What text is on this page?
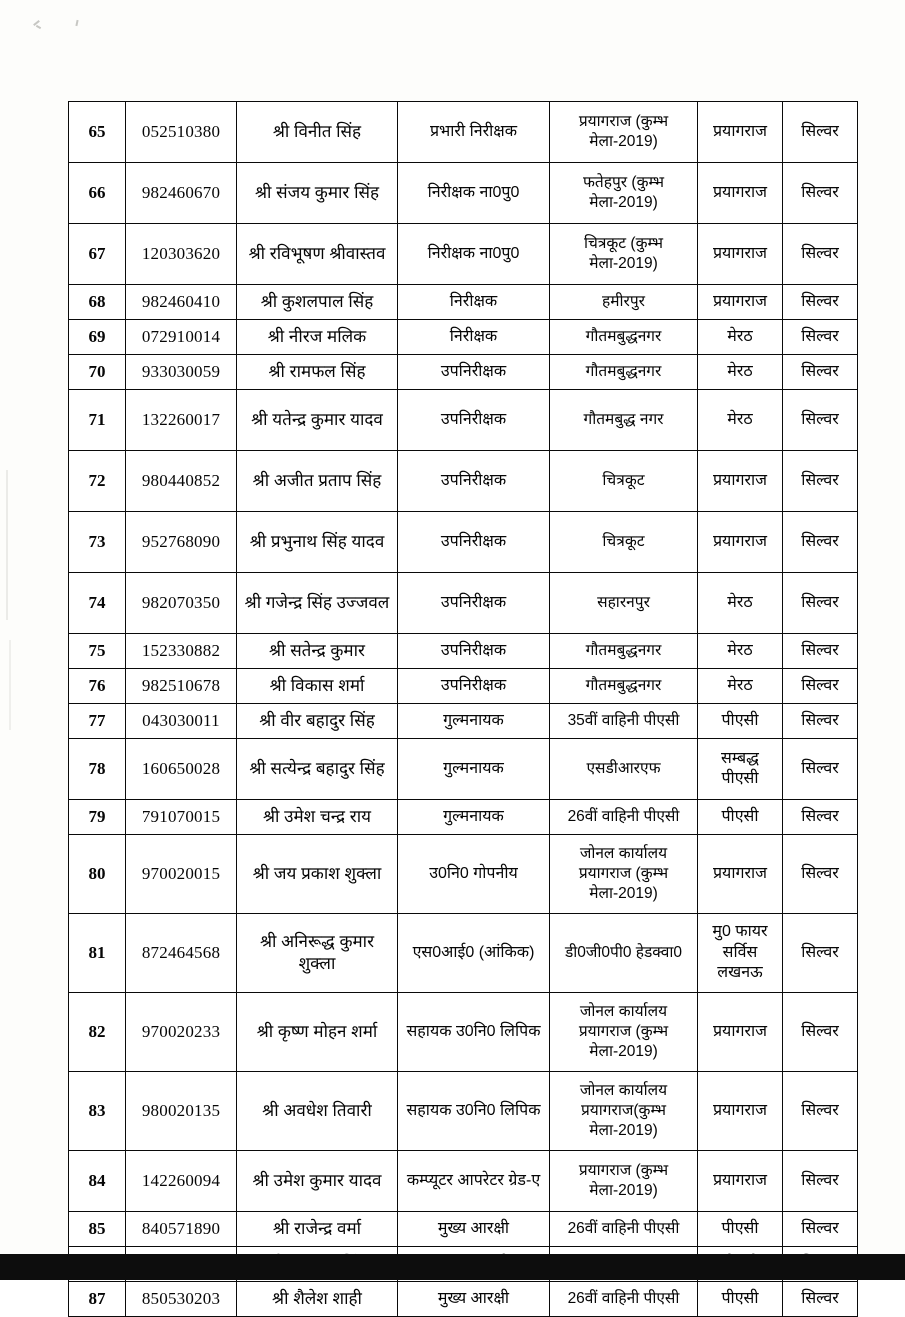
65	052510380	श्री विनीत सिंह	प्रभारी निरीक्षक	प्रयागराज (कुम्भ मेला-2019)	प्रयागराज	सिल्वर
66	982460670	श्री संजय कुमार सिंह	निरीक्षक ना0पु0	फतेहपुर (कुम्भ मेला-2019)	प्रयागराज	सिल्वर
67	120303620	श्री रविभूषण श्रीवास्तव	निरीक्षक ना0पु0	चित्रकूट (कुम्भ मेला-2019)	प्रयागराज	सिल्वर
68	982460410	श्री कुशलपाल सिंह	निरीक्षक	हमीरपुर	प्रयागराज	सिल्वर
69	072910014	श्री नीरज मलिक	निरीक्षक	गौतमबुद्धनगर	मेरठ	सिल्वर
70	933030059	श्री रामफल सिंह	उपनिरीक्षक	गौतमबुद्धनगर	मेरठ	सिल्वर
71	132260017	श्री यतेन्द्र कुमार यादव	उपनिरीक्षक	गौतमबुद्ध नगर	मेरठ	सिल्वर
72	980440852	श्री अजीत प्रताप सिंह	उपनिरीक्षक	चित्रकूट	प्रयागराज	सिल्वर
73	952768090	श्री प्रभुनाथ सिंह यादव	उपनिरीक्षक	चित्रकूट	प्रयागराज	सिल्वर
74	982070350	श्री गजेन्द्र सिंह उज्जवल	उपनिरीक्षक	सहारनपुर	मेरठ	सिल्वर
75	152330882	श्री सतेन्द्र कुमार	उपनिरीक्षक	गौतमबुद्धनगर	मेरठ	सिल्वर
76	982510678	श्री विकास शर्मा	उपनिरीक्षक	गौतमबुद्धनगर	मेरठ	सिल्वर
77	043030011	श्री वीर बहादुर सिंह	गुल्मनायक	35वीं वाहिनी पीएसी	पीएसी	सिल्वर
78	160650028	श्री सत्येन्द्र बहादुर सिंह	गुल्मनायक	एसडीआरएफ	सम्बद्ध पीएसी	सिल्वर
79	791070015	श्री उमेश चन्द्र राय	गुल्मनायक	26वीं वाहिनी पीएसी	पीएसी	सिल्वर
80	970020015	श्री जय प्रकाश शुक्ला	उ0नि0 गोपनीय	जोनल कार्यालय प्रयागराज (कुम्भ मेला-2019)	प्रयागराज	सिल्वर
81	872464568	श्री अनिरूद्ध कुमार शुक्ला	एस0आई0 (आंकिक)	डी0जी0पी0 हेडक्वा0	मु0 फायर सर्विस लखनऊ	सिल्वर
82	970020233	श्री कृष्ण मोहन शर्मा	सहायक उ0नि0 लिपिक	जोनल कार्यालय प्रयागराज (कुम्भ मेला-2019)	प्रयागराज	सिल्वर
83	980020135	श्री अवधेश तिवारी	सहायक उ0नि0 लिपिक	जोनल कार्यालय प्रयागराज(कुम्भ मेला-2019)	प्रयागराज	सिल्वर
84	142260094	श्री उमेश कुमार यादव	कम्प्यूटर आपरेटर ग्रेड-ए	प्रयागराज (कुम्भ मेला-2019)	प्रयागराज	सिल्वर
85	840571890	श्री राजेन्द्र वर्मा	मुख्य आरक्षी	26वीं वाहिनी पीएसी	पीएसी	सिल्वर

87	850530203	श्री शैलेश शाही	मुख्य आरक्षी	26वीं वाहिनी पीएसी	पीएसी	सिल्वर
